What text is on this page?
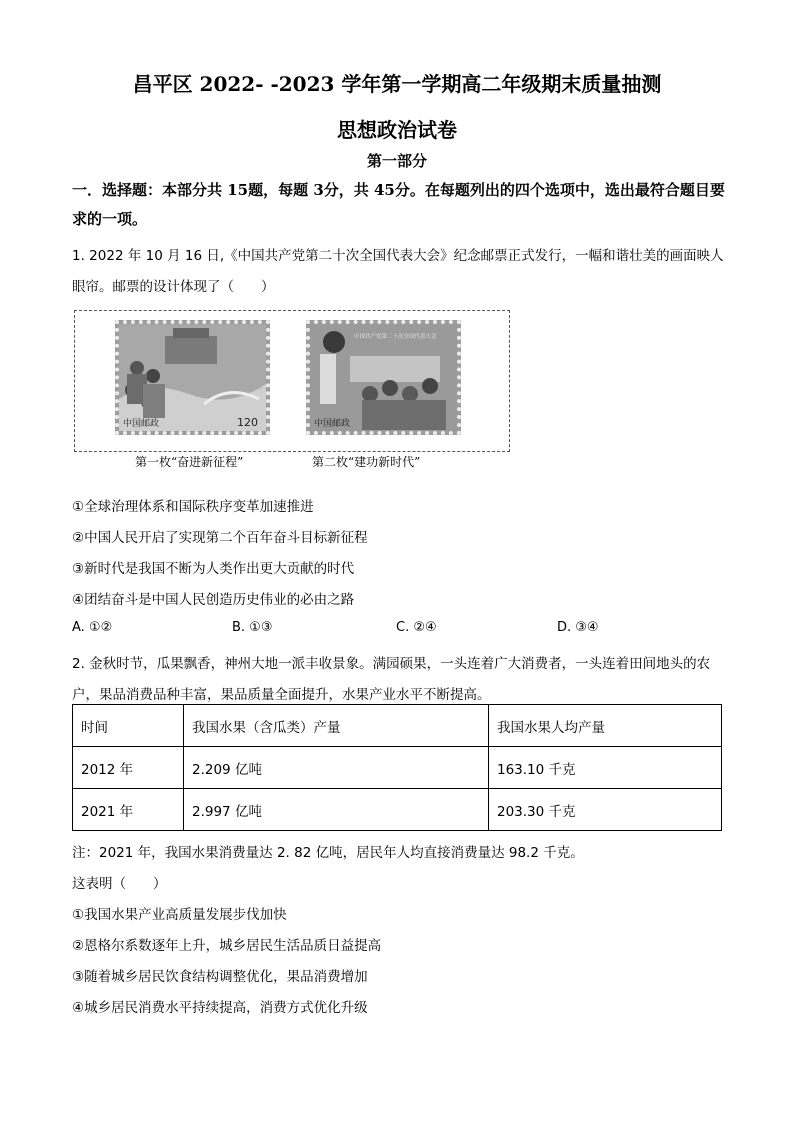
昌平区 2022- -2023 学年第一学期高二年级期末质量抽测
思想政治试卷
第一部分
一．选择题：本部分共 15题，每题 3分，共 45分。在每题列出的四个选项中，选出最符合题目要求的一项。
1. 2022 年 10 月 16 日,《中国共产党第二十次全国代表大会》纪念邮票正式发行，一幅和谐壮美的画面映人
眼帘。邮票的设计体现了（　　）
中国邮政	120
中国共产党第二十次全国代表大会
中国邮政
第一枚“奋进新征程”	第二枚“建功新时代”
①全球治理体系和国际秩序变革加速推进
②中国人民开启了实现第二个百年奋斗目标新征程
③新时代是我国不断为人类作出更大贡献的时代
④团结奋斗是中国人民创造历史伟业的必由之路
A. ①②	B. ①③	C. ②④	D. ③④
2. 金秋时节，瓜果飘香，神州大地一派丰收景象。满园硕果，一头连着广大消费者，一头连着田间地头的农
户，果品消费品种丰富，果品质量全面提升，水果产业水平不断提高。
时间	我国水果（含瓜类）产量	我国水果人均产量
2012 年	2.209 亿吨	163.10 千克
2021 年	2.997 亿吨	203.30 千克
注：2021 年，我国水果消费量达 2. 82 亿吨，居民年人均直接消费量达 98.2 千克。
这表明（　　）
①我国水果产业高质量发展步伐加快
②恩格尔系数逐年上升，城乡居民生活品质日益提高
③随着城乡居民饮食结构调整优化，果品消费增加
④城乡居民消费水平持续提高，消费方式优化升级
